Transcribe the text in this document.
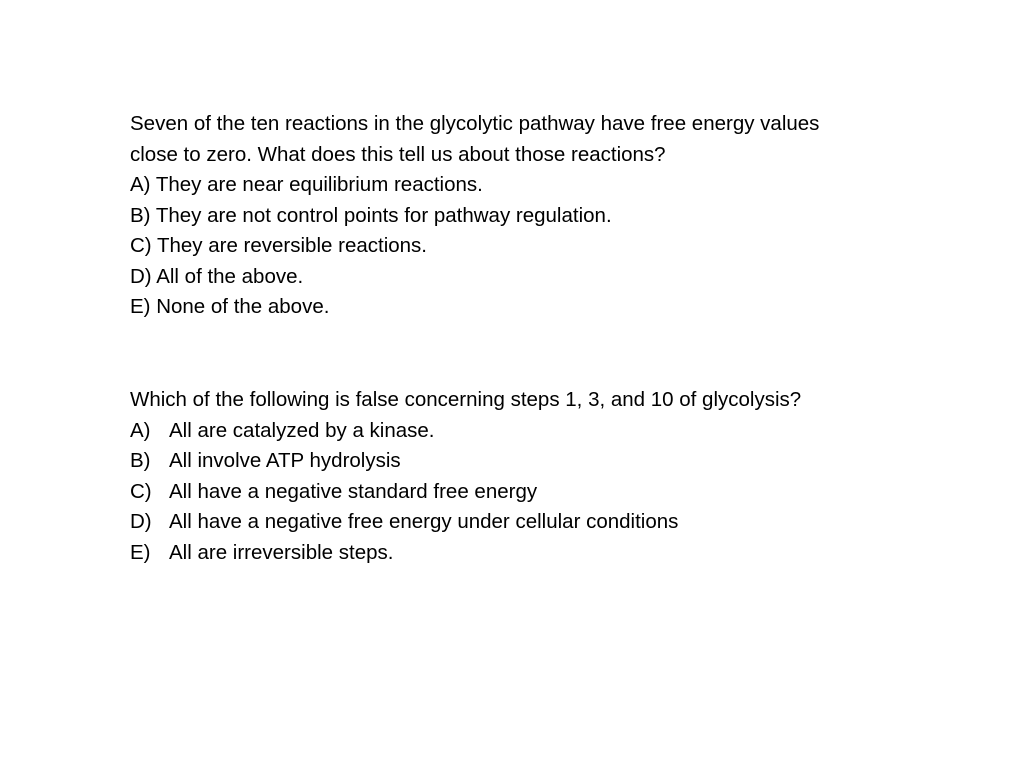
Seven of the ten reactions in the glycolytic pathway have free energy values
close to zero. What does this tell us about those reactions?
A) They are near equilibrium reactions.
B) They are not control points for pathway regulation.
C) They are reversible reactions.
D) All of the above.
E) None of the above.
Which of the following is false concerning steps 1, 3, and 10 of glycolysis?
A) All are catalyzed by a kinase.
B) All involve ATP hydrolysis
C) All have a negative standard free energy
D) All have a negative free energy under cellular conditions
E) All are irreversible steps.
